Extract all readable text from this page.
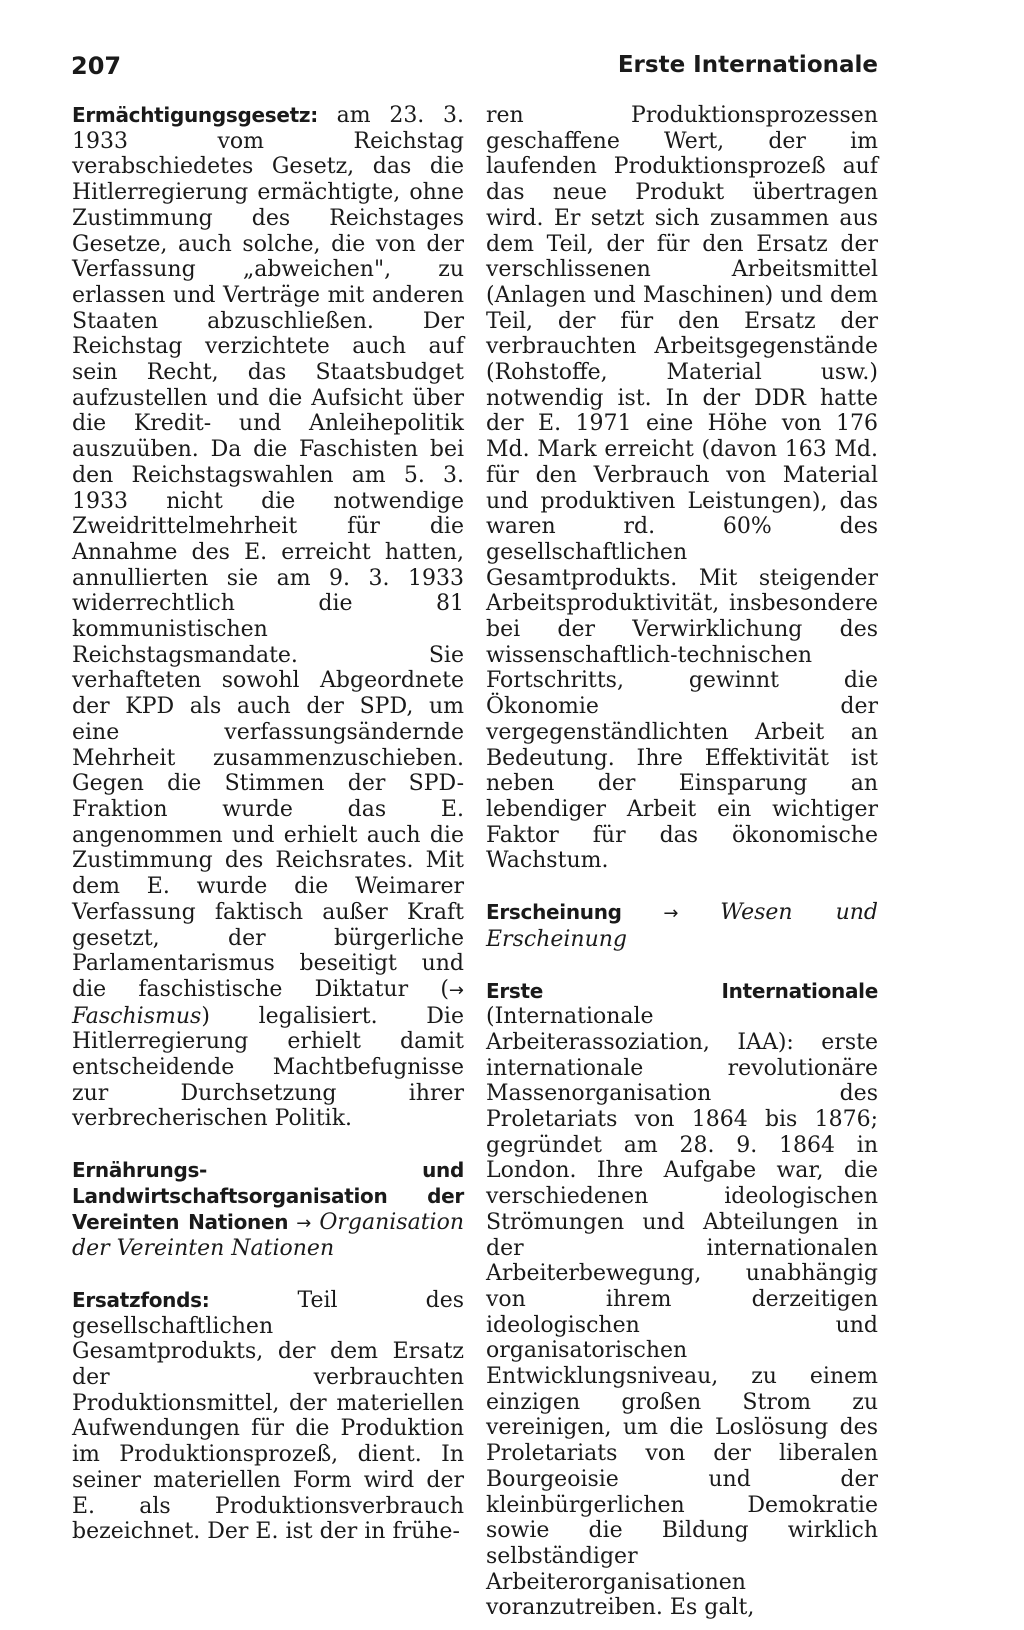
207	Erste Internationale

Ermächtigungsgesetz: am 23. 3. 1933 vom Reichstag verabschiedetes Gesetz, das die Hitlerregierung ermächtigte, ohne Zustimmung des Reichstages Gesetze, auch solche, die von der Verfassung „abweichen", zu erlassen und Verträge mit anderen Staaten abzuschließen. Der Reichstag verzichtete auch auf sein Recht, das Staatsbudget aufzustellen und die Aufsicht über die Kredit- und Anleihepolitik auszuüben. Da die Faschisten bei den Reichstagswahlen am 5. 3. 1933 nicht die notwendige Zweidrittelmehrheit für die Annahme des E. erreicht hatten, annullierten sie am 9. 3. 1933 widerrechtlich die 81 kommunistischen Reichstagsmandate. Sie verhafteten sowohl Abgeordnete der KPD als auch der SPD, um eine verfassungsändernde Mehrheit zusammenzuschieben. Gegen die Stimmen der SPD-Fraktion wurde das E. angenommen und erhielt auch die Zustimmung des Reichsrates. Mit dem E. wurde die Weimarer Verfassung faktisch außer Kraft gesetzt, der bürgerliche Parlamentarismus beseitigt und die faschistische Diktatur (→ Faschismus) legalisiert. Die Hitlerregierung erhielt damit entscheidende Machtbefugnisse zur Durchsetzung ihrer verbrecherischen Politik.

Ernährungs- und Landwirtschaftsorganisation der Vereinten Nationen → Organisation der Vereinten Nationen

Ersatzfonds: Teil des gesellschaftlichen Gesamtprodukts, der dem Ersatz der verbrauchten Produktionsmittel, der materiellen Aufwendungen für die Produktion im Produktionsprozeß, dient. In seiner materiellen Form wird der E. als Produktionsverbrauch bezeichnet. Der E. ist der in frühe-

ren Produktionsprozessen geschaffene Wert, der im laufenden Produktionsprozeß auf das neue Produkt übertragen wird. Er setzt sich zusammen aus dem Teil, der für den Ersatz der verschlissenen Arbeitsmittel (Anlagen und Maschinen) und dem Teil, der für den Ersatz der verbrauchten Arbeitsgegenstände (Rohstoffe, Material usw.) notwendig ist. In der DDR hatte der E. 1971 eine Höhe von 176 Md. Mark erreicht (davon 163 Md. für den Verbrauch von Material und produktiven Leistungen), das waren rd. 60% des gesellschaftlichen Gesamtprodukts. Mit steigender Arbeitsproduktivität, insbesondere bei der Verwirklichung des wissenschaftlich-technischen Fortschritts, gewinnt die Ökonomie der vergegenständlichten Arbeit an Bedeutung. Ihre Effektivität ist neben der Einsparung an lebendiger Arbeit ein wichtiger Faktor für das ökonomische Wachstum.

Erscheinung → Wesen und Erscheinung

Erste Internationale (Internationale Arbeiterassoziation, IAA): erste internationale revolutionäre Massenorganisation des Proletariats von 1864 bis 1876; gegründet am 28. 9. 1864 in London. Ihre Aufgabe war, die verschiedenen ideologischen Strömungen und Abteilungen in der internationalen Arbeiterbewegung, unabhängig von ihrem derzeitigen ideologischen und organisatorischen Entwicklungsniveau, zu einem einzigen großen Strom zu vereinigen, um die Loslösung des Proletariats von der liberalen Bourgeoisie und der kleinbürgerlichen Demokratie sowie die Bildung wirklich selbständiger Arbeiterorganisationen voranzutreiben. Es galt,
